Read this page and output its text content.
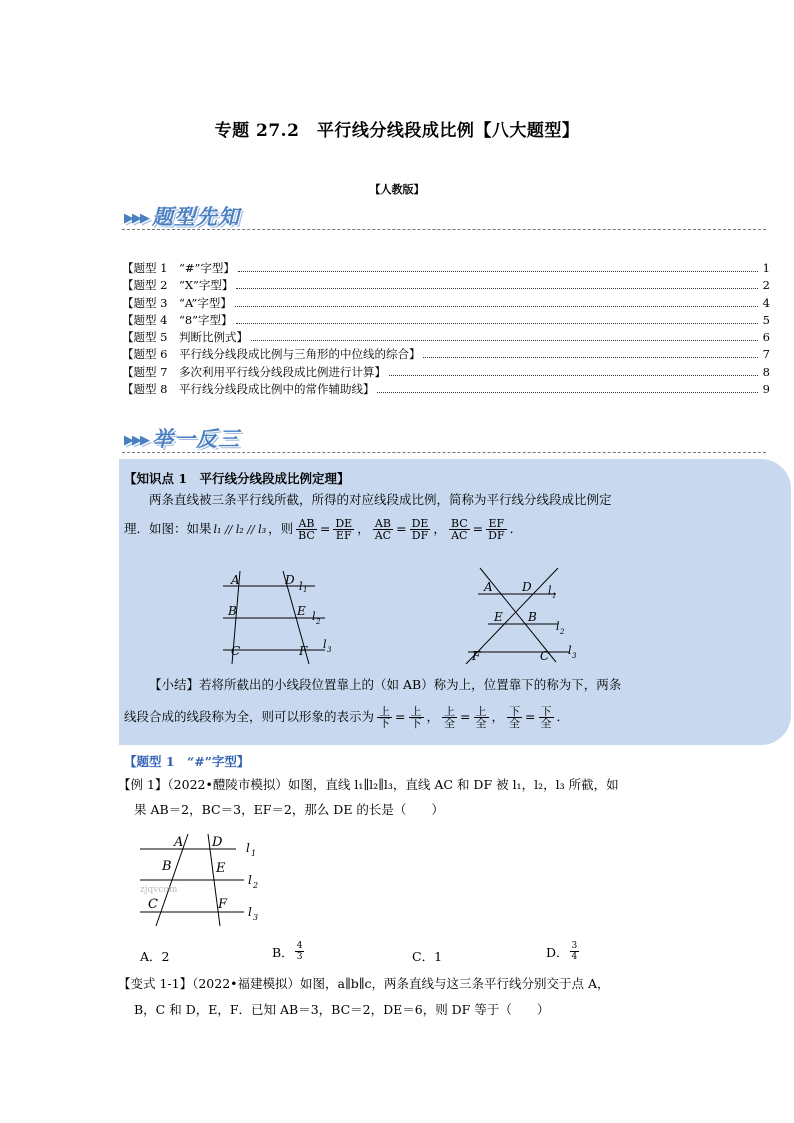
专题 27.2　平行线分线段成比例【八大题型】
【人教版】
▶▶▶ 题型先知
【题型 1　“#”字型】	1
【题型 2　“X”字型】	2
【题型 3　“A”字型】	4
【题型 4　“8”字型】	5
【题型 5　判断比例式】	6
【题型 6　平行线分线段成比例与三角形的中位线的综合】	7
【题型 7　多次利用平行线分线段成比例进行计算】	8
【题型 8　平行线分线段成比例中的常作辅助线】	9
▶▶▶ 举一反三
【知识点 1　平行线分线段成比例定理】
两条直线被三条平行线所截，所得的对应线段成比例，简称为平行线分线段成比例定
理．如图：如果 l₁ // l₂ // l₃ ，则 $\frac{AB}{BC} = \frac{DE}{EF}$ ， $\frac{AB}{AC} = \frac{DE}{DF}$ ， $\frac{BC}{AC} = \frac{EF}{DF}$ ．
A	D
B	E
C	F
l 1
l 2
l 3
A D
E B
F	C
l 1
l 2
l 3
【小结】若将所截出的小线段位置靠上的（如 AB）称为上，位置靠下的称为下，两条
线段合成的线段称为全，则可以形象的表示为 $\frac{\text{上}}{\text{下}} = \frac{\text{上}}{\text{下}}$ ， $\frac{\text{上}}{\text{全}} = \frac{\text{上}}{\text{全}}$ ， $\frac{\text{下}}{\text{全}} = \frac{\text{下}}{\text{全}}$ ．
【题型 1　“#”字型】
【例 1】（2022•醴陵市模拟）如图，直线 l₁∥l₂∥l₃，直线 AC 和 DF 被 l₁，l₂，l₃ 所截，如
果 AB＝2，BC＝3，EF＝2，那么 DE 的长是（　　）
A D
B	E
C	F
l 1
l 2
l 3
zjqvcom
A．2	B． $\frac{4}{3}$	C．1	D． $\frac{3}{4}$
【变式 1-1】（2022•福建模拟）如图，a∥b∥c，两条直线与这三条平行线分别交于点 A，
B，C 和 D，E，F．已知 AB＝3，BC＝2，DE＝6，则 DF 等于（　　）
